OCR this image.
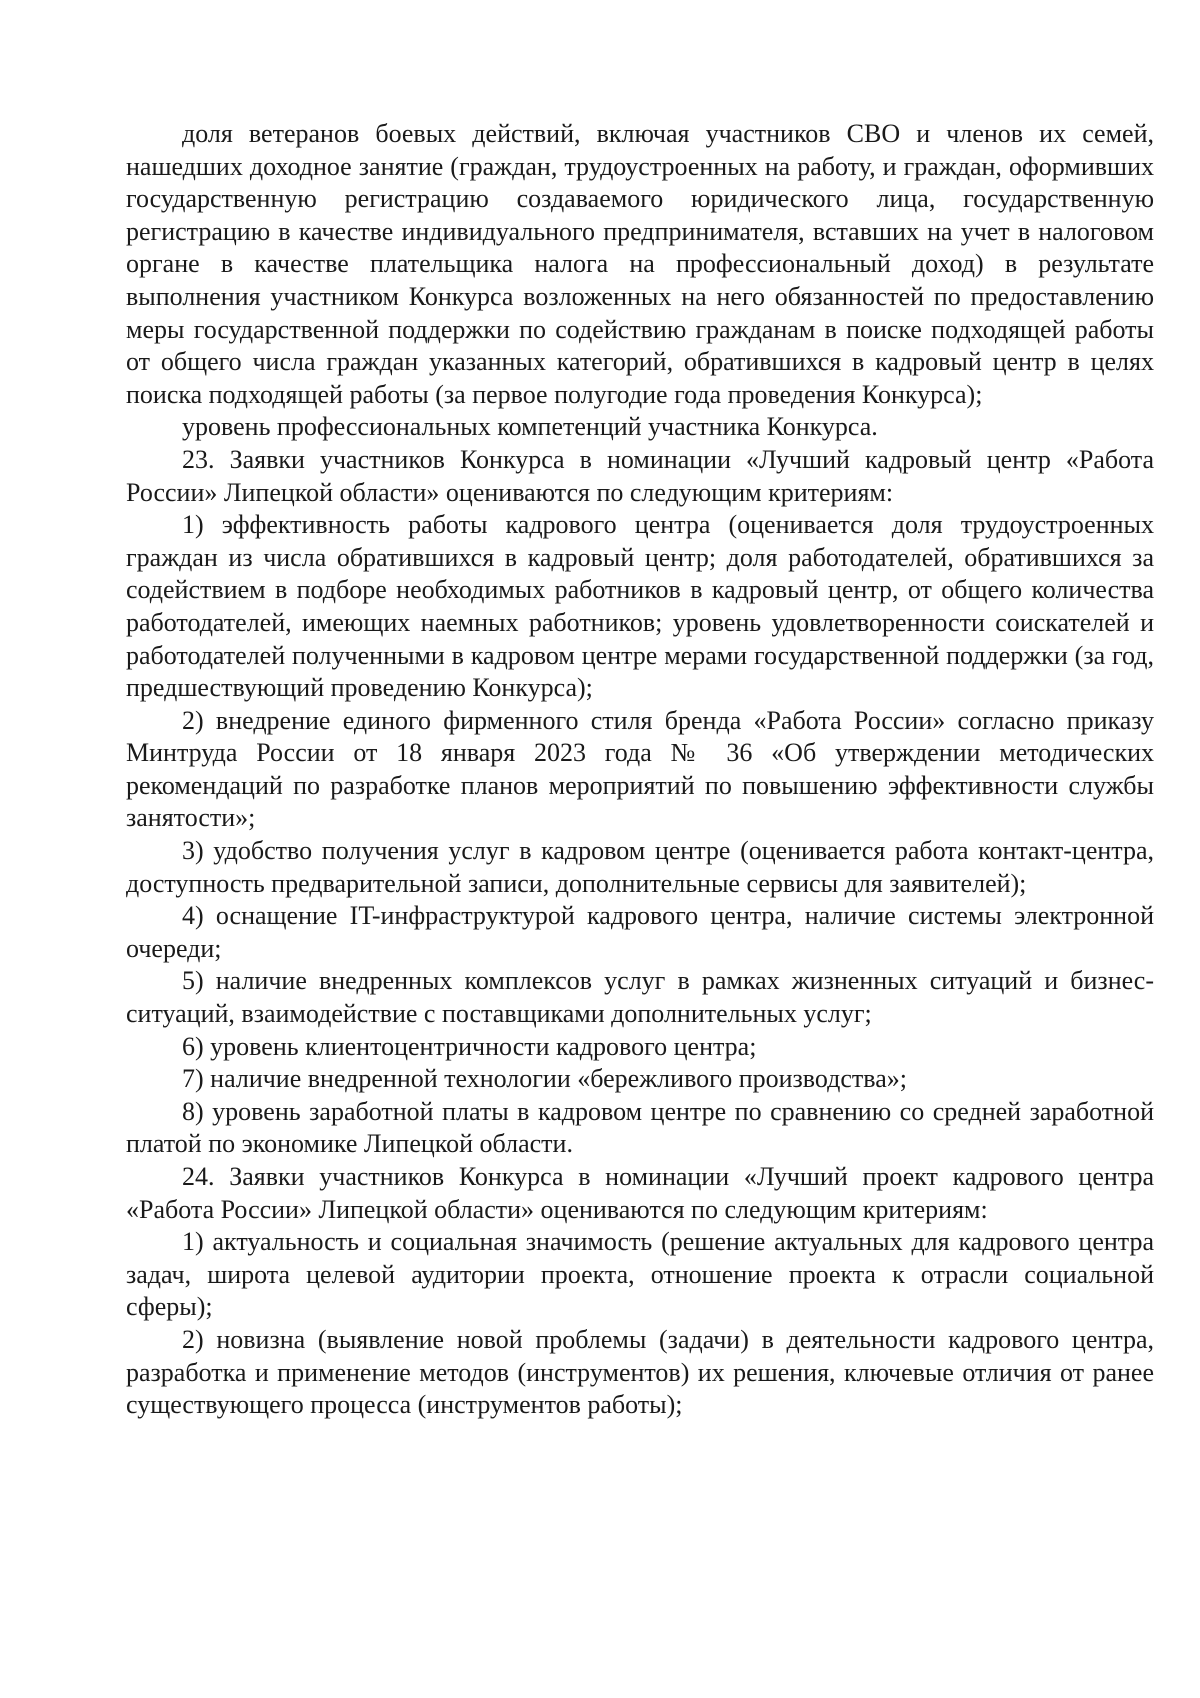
доля ветеранов боевых действий, включая участников СВО и членов их семей, нашедших доходное занятие (граждан, трудоустроенных на работу, и граждан, оформивших государственную регистрацию создаваемого юридического лица, государственную регистрацию в качестве индивидуального предпринимателя, вставших на учет в налоговом органе в качестве плательщика налога на профессиональный доход) в результате выполнения участником Конкурса возложенных на него обязанностей по предоставлению меры государственной поддержки по содействию гражданам в поиске подходящей работы от общего числа граждан указанных категорий, обратившихся в кадровый центр в целях поиска подходящей работы (за первое полугодие года проведения Конкурса);

уровень профессиональных компетенций участника Конкурса.

23. Заявки участников Конкурса в номинации «Лучший кадровый центр «Работа России» Липецкой области» оцениваются по следующим критериям:

1) эффективность работы кадрового центра (оценивается доля трудоустроенных граждан из числа обратившихся в кадровый центр; доля работодателей, обратившихся за содействием в подборе необходимых работников в кадровый центр, от общего количества работодателей, имеющих наемных работников; уровень удовлетворенности соискателей и работодателей полученными в кадровом центре мерами государственной поддержки (за год, предшествующий проведению Конкурса);

2) внедрение единого фирменного стиля бренда «Работа России» согласно приказу Минтруда России от 18 января 2023 года № 36 «Об утверждении методических рекомендаций по разработке планов мероприятий по повышению эффективности службы занятости»;

3) удобство получения услуг в кадровом центре (оценивается работа контакт-центра, доступность предварительной записи, дополнительные сервисы для заявителей);

4) оснащение IT-инфраструктурой кадрового центра, наличие системы электронной очереди;

5) наличие внедренных комплексов услуг в рамках жизненных ситуаций и бизнес-ситуаций, взаимодействие с поставщиками дополнительных услуг;

6) уровень клиентоцентричности кадрового центра;

7) наличие внедренной технологии «бережливого производства»;

8) уровень заработной платы в кадровом центре по сравнению со средней заработной платой по экономике Липецкой области.

24. Заявки участников Конкурса в номинации «Лучший проект кадрового центра «Работа России» Липецкой области» оцениваются по следующим критериям:

1) актуальность и социальная значимость (решение актуальных для кадрового центра задач, широта целевой аудитории проекта, отношение проекта к отрасли социальной сферы);

2) новизна (выявление новой проблемы (задачи) в деятельности кадрового центра, разработка и применение методов (инструментов) их решения, ключевые отличия от ранее существующего процесса (инструментов работы);
